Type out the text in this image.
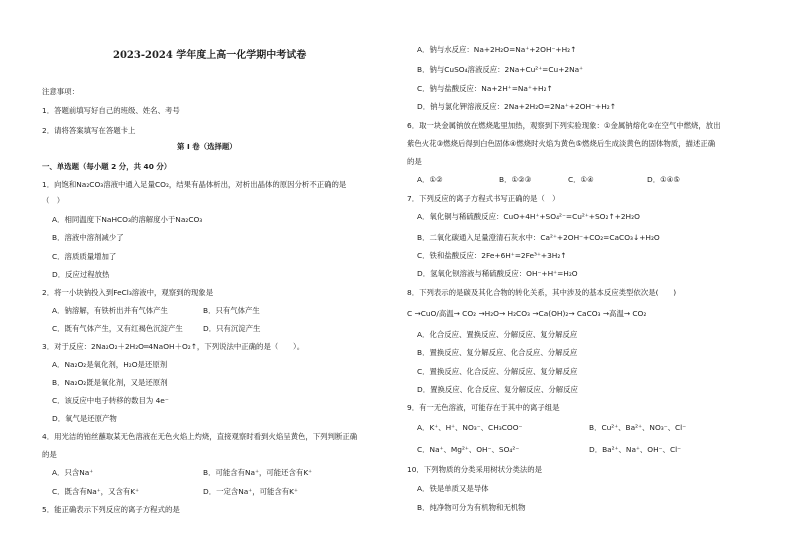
2023-2024 学年度上高一化学期中考试卷
注意事项：
1．答题前填写好自己的班级、姓名、考号
2．请将答案填写在答题卡上
第 I 卷（选择题）
一、单选题（每小题 2 分，共 40 分）
1．向饱和Na₂CO₃溶液中通入足量CO₂，结果有晶体析出，对析出晶体的原因分析不正确的是
（　）
A．相同温度下NaHCO₃的溶解度小于Na₂CO₃
B．溶液中溶剂减少了
C．溶质质量增加了
D．反应过程放热
2．将一小块钠投入到FeCl₃溶液中，观察到的现象是
A．钠溶解，有铁析出并有气体产生	B．只有气体产生
C．既有气体产生，又有红褐色沉淀产生	D．只有沉淀产生
3．对于反应：2Na₂O₂＋2H₂O═4NaOH＋O₂↑，下列说法中正确的是（　　）。
A．Na₂O₂是氧化剂，H₂O是还原剂
B．Na₂O₂既是氧化剂，又是还原剂
C．该反应中电子转移的数目为 4e⁻
D．氧气是还原产物
4．用光洁的铂丝蘸取某无色溶液在无色火焰上灼烧，直接观察时看到火焰呈黄色，下列判断正确
的是
A．只含Na⁺	B．可能含有Na⁺，可能还含有K⁺
C．既含有Na⁺，又含有K⁺	D．一定含Na⁺，可能含有K⁺
5．能正确表示下列反应的离子方程式的是
A．钠与水反应：Na+2H₂O=Na⁺+2OH⁻+H₂↑
B．钠与CuSO₄溶液反应：2Na+Cu²⁺=Cu+2Na⁺
C．钠与盐酸反应：Na+2H⁺=Na⁺+H₂↑
D．钠与氯化钾溶液反应：2Na+2H₂O=2Na⁺+2OH⁻+H₂↑
6．取一块金属钠放在燃烧匙里加热，观察到下列实验现象：①金属钠熔化②在空气中燃烧，放出
紫色火花③燃烧后得到白色固体④燃烧时火焰为黄色⑤燃烧后生成淡黄色的固体物质，描述正确
的是
A．①②	B．①②③	C．①④	D．①④⑤
7．下列反应的离子方程式书写正确的是（　）
A．氧化铜与稀硫酸反应：CuO+4H⁺+SO₄²⁻=Cu²⁺+SO₂↑+2H₂O
B．二氧化碳通入足量澄清石灰水中：Ca²⁺+2OH⁻+CO₂=CaCO₃↓+H₂O
C．铁和盐酸反应：2Fe+6H⁺=2Fe³⁺+3H₂↑
D．氢氧化钡溶液与稀硫酸反应：OH⁻+H⁺=H₂O
8．下列表示的是碳及其化合物的转化关系，其中涉及的基本反应类型依次是(　　)
C →CuO/高温→ CO₂ →H₂O→ H₂CO₃ →Ca(OH)₂→ CaCO₃ →高温→ CO₂
A．化合反应、置换反应、分解反应、复分解反应
B．置换反应、复分解反应、化合反应、分解反应
C．置换反应、化合反应、分解反应、复分解反应
D．置换反应、化合反应、复分解反应、分解反应
9．有一无色溶液，可能存在于其中的离子组是
A．K⁺、H⁺、NO₃⁻、CH₃COO⁻	B．Cu²⁺、Ba²⁺、NO₃⁻、Cl⁻
C．Na⁺、Mg²⁺、OH⁻、SO₄²⁻	D．Ba²⁺、Na⁺、OH⁻、Cl⁻
10．下列物质的分类采用树状分类法的是
A．铁是单质又是导体
B．纯净物可分为有机物和无机物
